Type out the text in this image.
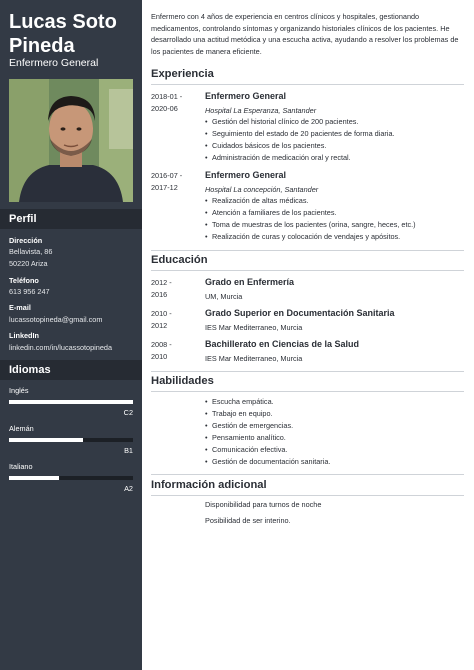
Lucas Soto Pineda
Enfermero General
Perfil
Dirección
Bellavista, 86
50220 Ariza
Teléfono
613 956 247
E-mail
lucassotopineda@gmail.com
LinkedIn
linkedin.com/in/lucassotopineda
Idiomas
Inglés
C2
Alemán
B1
Italiano
A2
Enfermero con 4 años de experiencia en centros clínicos y hospitales, gestionando medicamentos, controlando síntomas y organizando historiales clínicos de los pacientes. He desarrollado una actitud metódica y una escucha activa, ayudando a resolver los problemas de los pacientes de manera eficiente.
Experiencia
2018-01 -
2020-06
Enfermero General
Hospital La Esperanza, Santander
• Gestión del historial clínico de 200 pacientes.
• Seguimiento del estado de 20 pacientes de forma diaria.
• Cuidados básicos de los pacientes.
• Administración de medicación oral y rectal.
2016-07 -
2017-12
Enfermero General
Hospital La concepción, Santander
• Realización de altas médicas.
• Atención a familiares de los pacientes.
• Toma de muestras de los pacientes (orina, sangre, heces, etc.)
• Realización de curas y colocación de vendajes y apósitos.
Educación
2012 -
2016
Grado en Enfermería
UM, Murcia
2010 -
2012
Grado Superior en Documentación Sanitaria
IES Mar Mediterraneo, Murcia
2008 -
2010
Bachillerato en Ciencias de la Salud
IES Mar Mediterraneo, Murcia
Habilidades
• Escucha empática.
• Trabajo en equipo.
• Gestión de emergencias.
• Pensamiento analítico.
• Comunicación efectiva.
• Gestión de documentación sanitaria.
Información adicional
Disponibilidad para turnos de noche
Posibilidad de ser interino.
